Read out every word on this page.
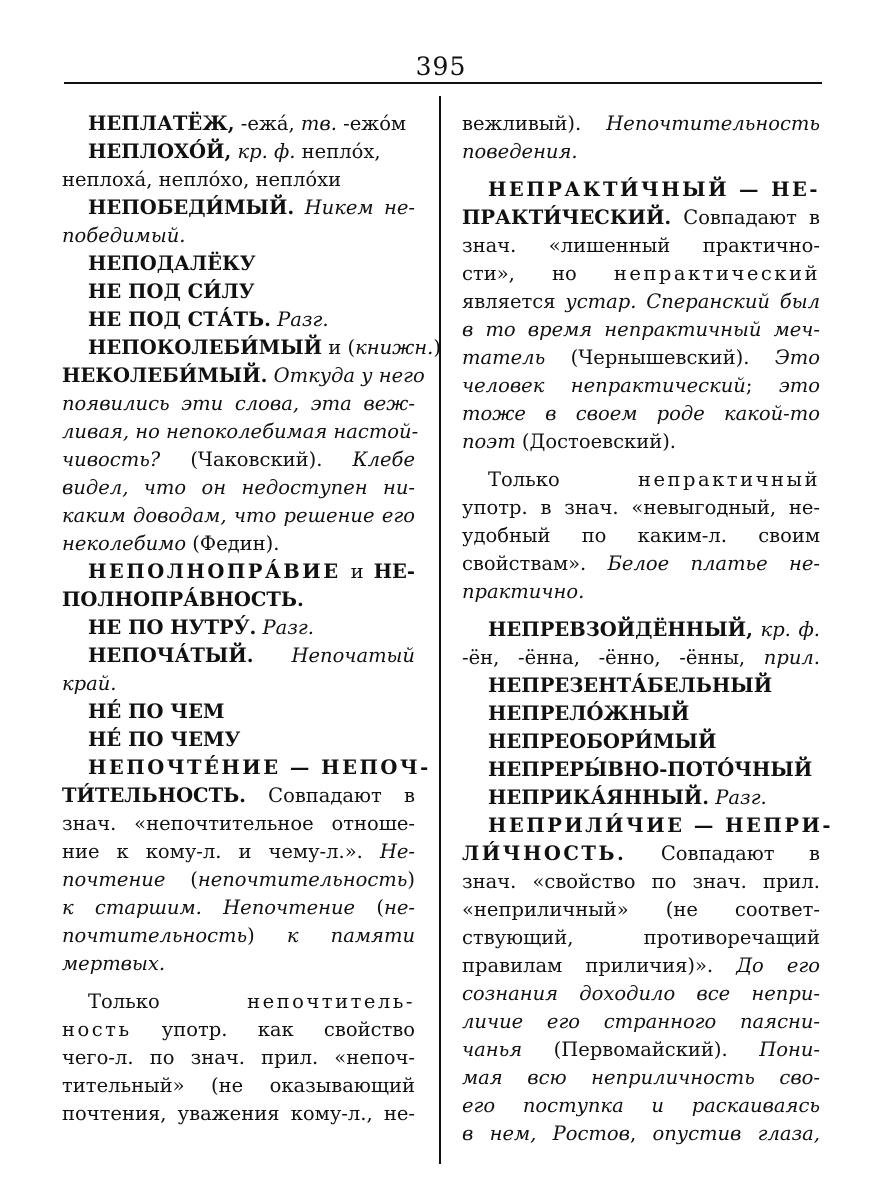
395
НЕПЛАТЁЖ, -ежа́, тв. -ежо́м
НЕПЛОХО́Й, кр. ф. непло́х,
неплоха́, непло́хо, непло́хи
НЕПОБЕДИ́МЫЙ. Никем не-
победимый.
НЕПОДАЛЁКУ
НЕ ПОД СИ́ЛУ
НЕ ПОД СТА́ТЬ. Разг.
НЕПОКОЛЕБИ́МЫЙ и (книжн.)
НЕКОЛЕБИ́МЫЙ. Откуда у него
появились эти слова, эта веж-
ливая, но непоколебимая настой-
чивость? (Чаковский). Клебе
видел, что он недоступен ни-
каким доводам, что решение его
неколебимо (Федин).
НЕПОЛНОПРА́ВИЕ и НЕ-
ПОЛНОПРА́ВНОСТЬ.
НЕ ПО НУТРУ́. Разг.
НЕПОЧА́ТЫЙ. Непочатый
край.
НЕ́ ПО ЧЕМ
НЕ́ ПО ЧЕМУ
НЕПОЧТЕ́НИЕ — НЕПОЧ-
ТИ́ТЕЛЬНОСТЬ. Совпадают в
знач. «непочтительное отноше-
ние к кому-л. и чему-л.». Не-
почтение (непочтительность)
к старшим. Непочтение (не-
почтительность) к памяти
мертвых.
Только непочтитель-
ность употр. как свойство
чего-л. по знач. прил. «непоч-
тительный» (не оказывающий
почтения, уважения кому-л., не-
вежливый). Непочтительность
поведения.
НЕПРАКТИ́ЧНЫЙ — НЕ-
ПРАКТИ́ЧЕСКИЙ. Совпадают в
знач. «лишенный практично-
сти», но непрактический
является устар. Сперанский был
в то время непрактичный меч-
татель (Чернышевский). Это
человек непрактический; это
тоже в своем роде какой-то
поэт (Достоевский).
Только непрактичный
употр. в знач. «невыгодный, не-
удобный по каким-л. своим
свойствам». Белое платье не-
практично.
НЕПРЕВЗОЙДЁННЫЙ, кр. ф.
-ён, -ённа, -ённо, -ённы, прил.
НЕПРЕЗЕНТА́БЕЛЬНЫЙ
НЕПРЕЛО́ЖНЫЙ
НЕПРЕОБОРИ́МЫЙ
НЕПРЕРЫ́ВНО-ПОТО́ЧНЫЙ
НЕПРИКА́ЯННЫЙ. Разг.
НЕПРИЛИ́ЧИЕ — НЕПРИ-
ЛИ́ЧНОСТЬ. Совпадают в
знач. «свойство по знач. прил.
«неприличный» (не соответ-
ствующий, противоречащий
правилам приличия)». До его
сознания доходило все непри-
личие его странного паясни-
чанья (Первомайский). Пони-
мая всю неприличность сво-
его поступка и раскаиваясь
в нем, Ростов, опустив глаза,
